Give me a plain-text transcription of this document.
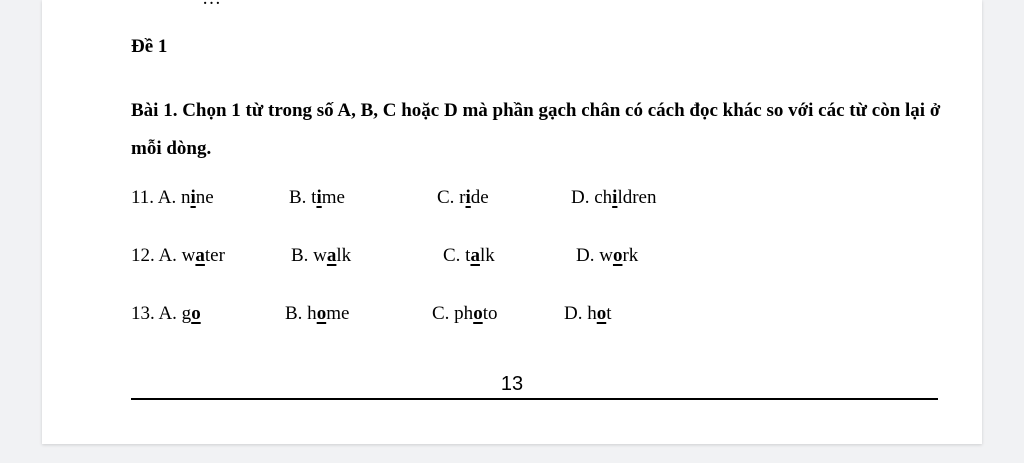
Đề 1
Bài 1. Chọn 1 từ trong số A, B, C hoặc D mà phần gạch chân có cách đọc khác so với các từ còn lại ở mỗi dòng.
11. A. nine	B. time	C. ride	D. children
12. A. water	B. walk	C. talk	D. work
13. A. go	B. home	C. photo	D. hot
13
